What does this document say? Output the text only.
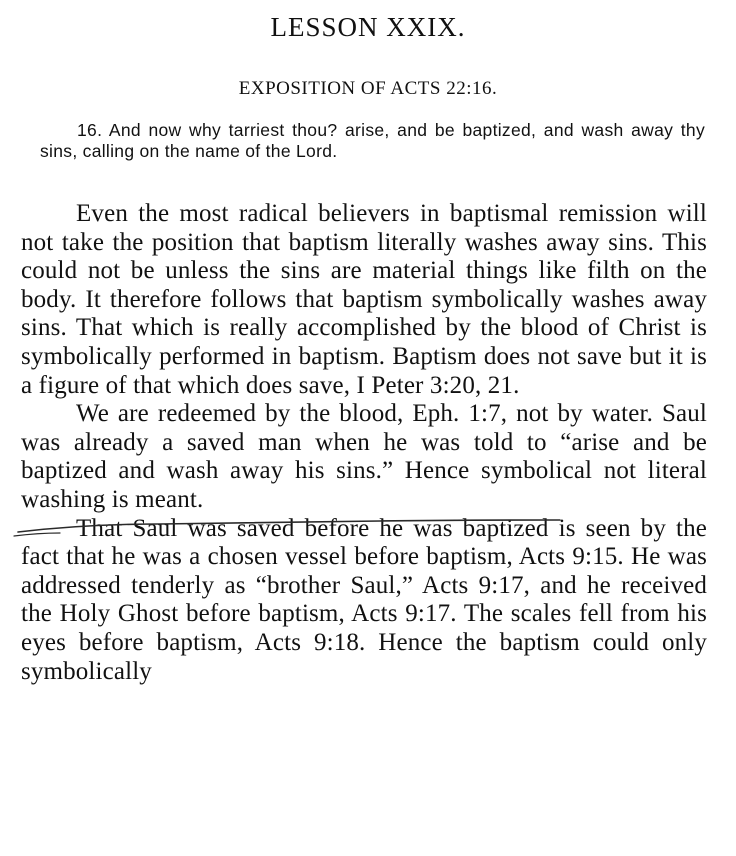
LESSON XXIX.
EXPOSITION OF ACTS 22:16.

16. And now why tarriest thou? arise, and be baptized, and wash away thy sins, calling on the name of the Lord.

Even the most radical believers in baptismal remission will not take the position that baptism literally washes away sins. This could not be unless the sins are material things like filth on the body. It therefore follows that baptism symbolically washes away sins. That which is really accomplished by the blood of Christ is symbolically performed in baptism. Baptism does not save but it is a figure of that which does save, I Peter 3:20, 21.

We are redeemed by the blood, Eph. 1:7, not by water. Saul was already a saved man when he was told to “arise and be baptized and wash away his sins.” Hence symbolical not literal washing is meant.

That Saul was saved before he was baptized is seen by the fact that he was a chosen vessel before baptism, Acts 9:15. He was addressed tenderly as “brother Saul,” Acts 9:17, and he received the Holy Ghost before baptism, Acts 9:17. The scales fell from his eyes before baptism, Acts 9:18. Hence the baptism could only symbolically
